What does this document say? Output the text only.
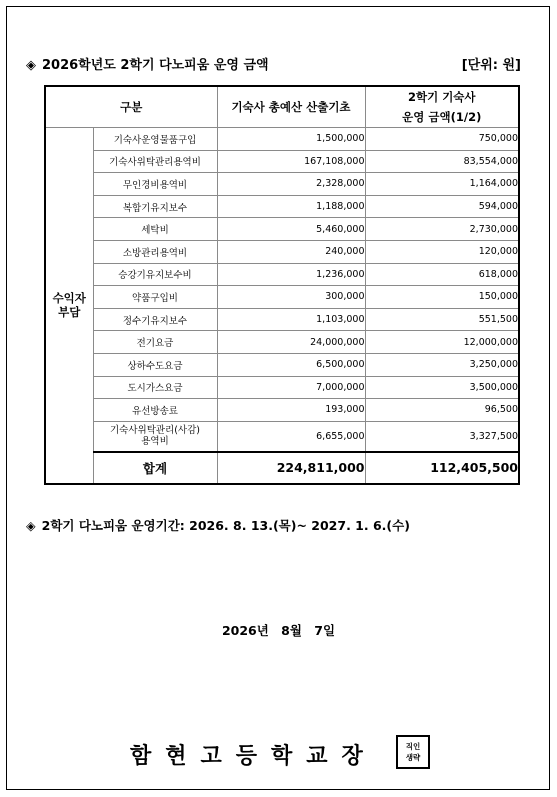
◈ 2026학년도 2학기 다노피움 운영 금액	[단위: 원]
구분		기숙사 총예산 산출기초	2학기 기숙사
운영 금액(1/2)

수익자
부담	기숙사운영물품구입	1,500,000	750,000
	기숙사위탁관리용역비	167,108,000	83,554,000
	무인경비용역비	2,328,000	1,164,000
	복합기유지보수	1,188,000	594,000
	세탁비	5,460,000	2,730,000
	소방관리용역비	240,000	120,000
	승강기유지보수비	1,236,000	618,000
	약품구입비	300,000	150,000
	정수기유지보수	1,103,000	551,500
	전기요금	24,000,000	12,000,000
	상하수도요금	6,500,000	3,250,000
	도시가스요금	7,000,000	3,500,000
	유선방송료	193,000	96,500

	기숙사위탁관리(사감)
용역비	6,655,000	3,327,500
	합계	224,811,000	112,405,500
◈ 2학기 다노피움 운영기간: 2026. 8. 13.(목)~ 2027. 1. 6.(수)
2026년 8월 7일
함현고등학교장	직인
생략
